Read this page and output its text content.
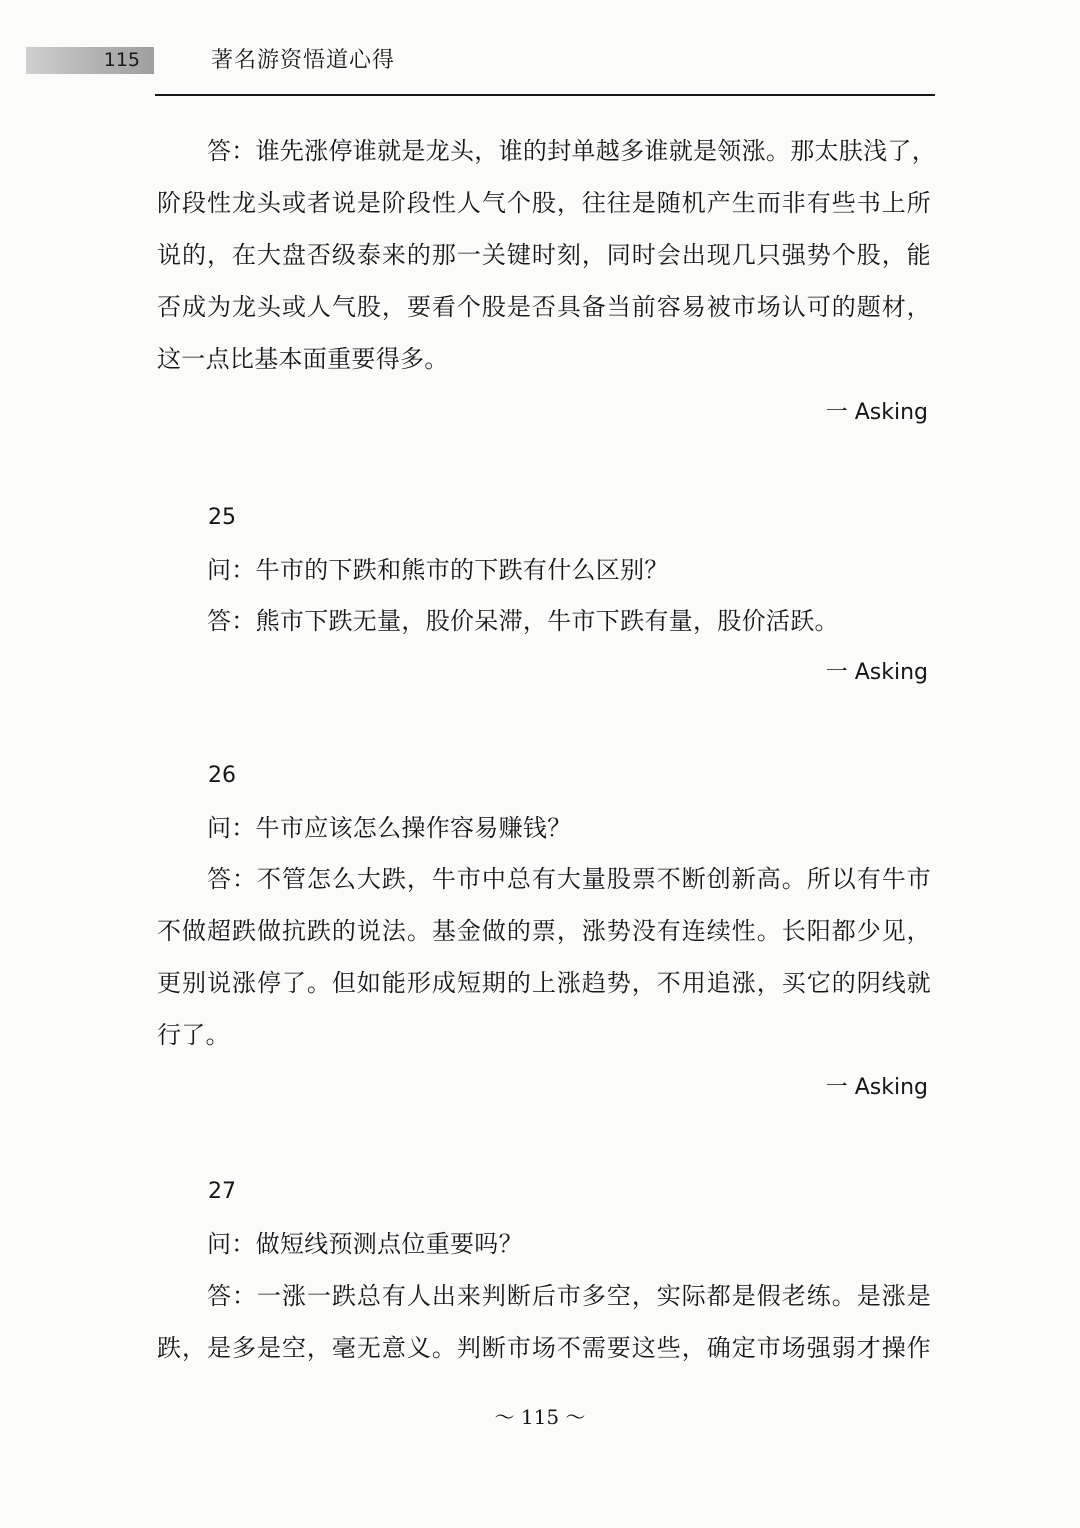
115	著名游资悟道心得
答：谁先涨停谁就是龙头，谁的封单越多谁就是领涨。那太肤浅了，
阶段性龙头或者说是阶段性人气个股，往往是随机产生而非有些书上所
说的，在大盘否级泰来的那一关键时刻，同时会出现几只强势个股，能
否成为龙头或人气股，要看个股是否具备当前容易被市场认可的题材，
这一点比基本面重要得多。
一 Asking
25
问：牛市的下跌和熊市的下跌有什么区别？
答：熊市下跌无量，股价呆滞，牛市下跌有量，股价活跃。
一 Asking
26
问：牛市应该怎么操作容易赚钱？
答：不管怎么大跌，牛市中总有大量股票不断创新高。所以有牛市
不做超跌做抗跌的说法。基金做的票，涨势没有连续性。长阳都少见，
更别说涨停了。但如能形成短期的上涨趋势，不用追涨，买它的阴线就
行了。
一 Asking
27
问：做短线预测点位重要吗？
答：一涨一跌总有人出来判断后市多空，实际都是假老练。是涨是
跌，是多是空，毫无意义。判断市场不需要这些，确定市场强弱才操作
～ 115 ～
